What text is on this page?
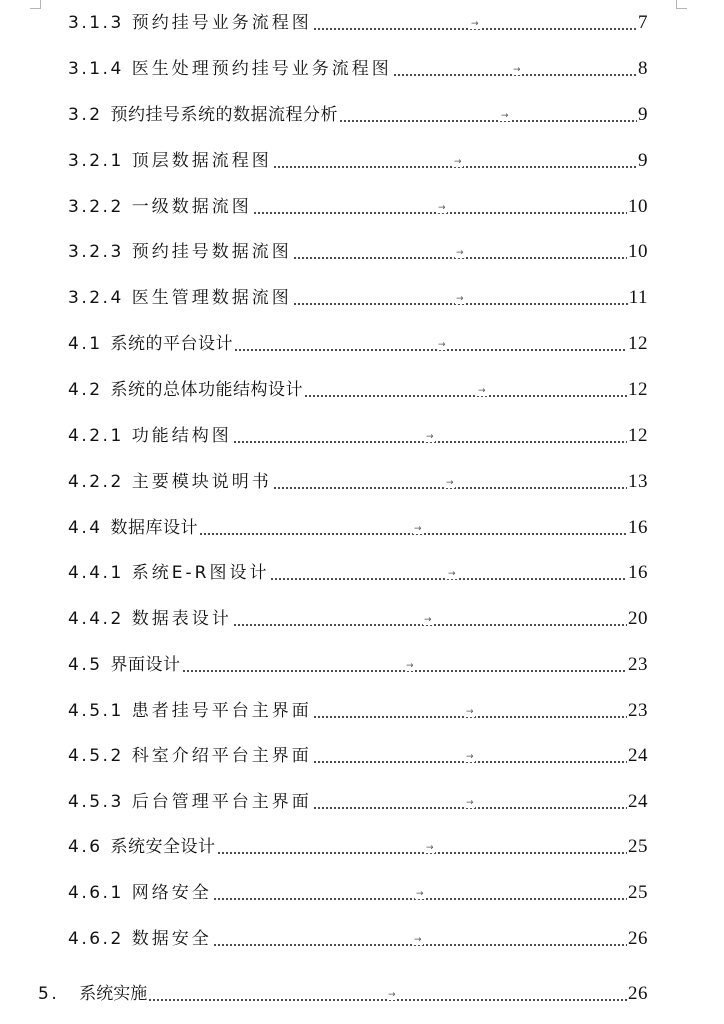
3.1.3 预约挂号业务流程图	→	7
3.1.4 医生处理预约挂号业务流程图	→	8
3.2 预约挂号系统的数据流程分析	→	9
3.2.1 顶层数据流程图	→	9
3.2.2 一级数据流图	→	10
3.2.3 预约挂号数据流图	→	10
3.2.4 医生管理数据流图	→	11
4.1 系统的平台设计	→	12
4.2 系统的总体功能结构设计	→	12
4.2.1 功能结构图	→	12
4.2.2 主要模块说明书	→	13
4.4 数据库设计	→	16
4.4.1 系统E-R图设计	→	16
4.4.2 数据表设计	→	20
4.5 界面设计	→	23
4.5.1 患者挂号平台主界面	→	23
4.5.2 科室介绍平台主界面	→	24
4.5.3 后台管理平台主界面	→	24
4.6 系统安全设计	→	25
4.6.1 网络安全	→	25
4.6.2 数据安全	→	26
5. 系统实施	→	26
